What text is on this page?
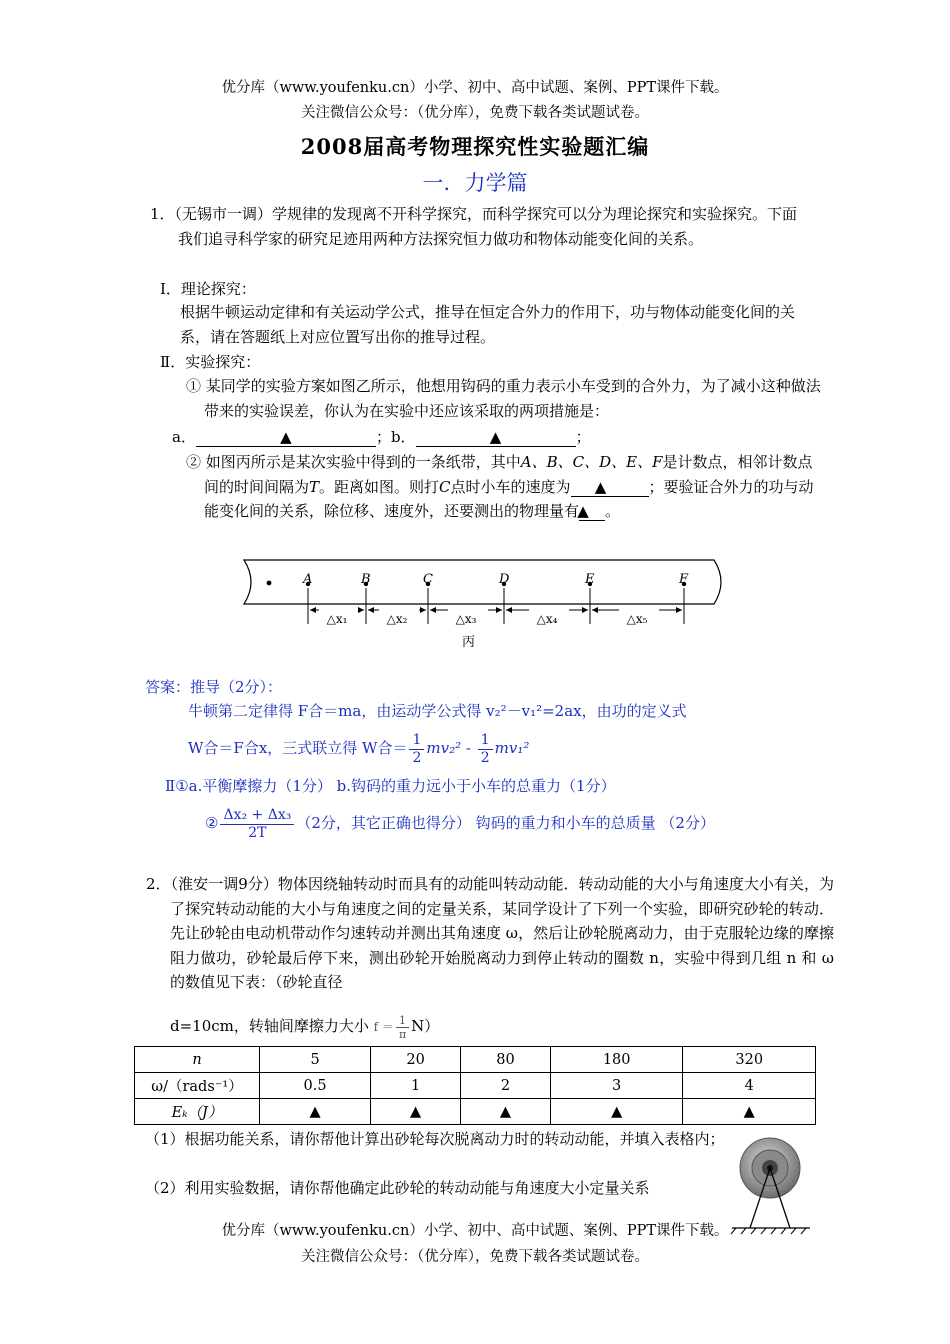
优分库（www.youfenku.cn）小学、初中、高中试题、案例、PPT课件下载。
关注微信公众号：（优分库），免费下载各类试题试卷。
2008届高考物理探究性实验题汇编
一．力学篇
1．（无锡市一调）学规律的发现离不开科学探究，而科学探究可以分为理论探究和实验探究。下面我们追寻科学家的研究足迹用两种方法探究恒力做功和物体动能变化间的关系。
Ⅰ．理论探究：
根据牛顿运动定律和有关运动学公式，推导在恒定合外力的作用下，功与物体动能变化间的关系，请在答题纸上对应位置写出你的推导过程。
Ⅱ．实验探究：
① 某同学的实验方案如图乙所示，他想用钩码的重力表示小车受到的合外力，为了减小这种做法带来的实验误差，你认为在实验中还应该采取的两项措施是：
a．	▲	；b．	▲	；
② 如图丙所示是某次实验中得到的一条纸带，其中A、B、C、D、E、F是计数点，相邻计数点间的时间间隔为T。距离如图。则打C点时小车的速度为 ▲	；要验证合外力的功与动能变化间的关系，除位移、速度外，还要测出的物理量有▲ 。
A	B	C	D	E	F
△x₁	△x₂	△x₃	△x₄	△x₅
丙
答案：推导（2分）：
牛顿第二定律得 F合＝ma，由运动学公式得 v₂²－v₁²=2ax，由功的定义式
W合＝F合x，三式联立得 W合＝ $\frac{1}{2} mv_2^2 - \frac{1}{2} mv_1^2$
Ⅱ①a.平衡摩擦力（1分） b.钩码的重力远小于小车的总重力（1分）
② $\frac{\text{Δx₂ + Δx₃}}{2T} (2$分，其它正确也得分） 钩码的重力和小车的总质量 （2分）
2．（淮安一调9分）物体因绕轴转动时而具有的动能叫转动动能．转动动能的大小与角速度大小有关，为了探究转动动能的大小与角速度之间的定量关系，某同学设计了下列一个实验，即研究砂轮的转动．先让砂轮由电动机带动作匀速转动并测出其角速度 ω，然后让砂轮脱离动力，由于克服轮边缘的摩擦阻力做功，砂轮最后停下来，测出砂轮开始脱离动力到停止转动的圈数 n，实验中得到几组 n 和 ω 的数值见下表：（砂轮直径
d=10cm，转轴间摩擦力大小 $f = \frac{1}{\pi} N$）
n	5	20	80	180	320
ω/（rads⁻¹）	0.5	1	2	3	4
Eₖ（J）	▲	▲	▲	▲	▲
（1）根据功能关系，请你帮他计算出砂轮每次脱离动力时的转动动能，并填入表格内；
（2）利用实验数据，请你帮他确定此砂轮的转动动能与角速度大小定量关系
优分库（www.youfenku.cn）小学、初中、高中试题、案例、PPT课件下载。
关注微信公众号：（优分库），免费下载各类试题试卷。
